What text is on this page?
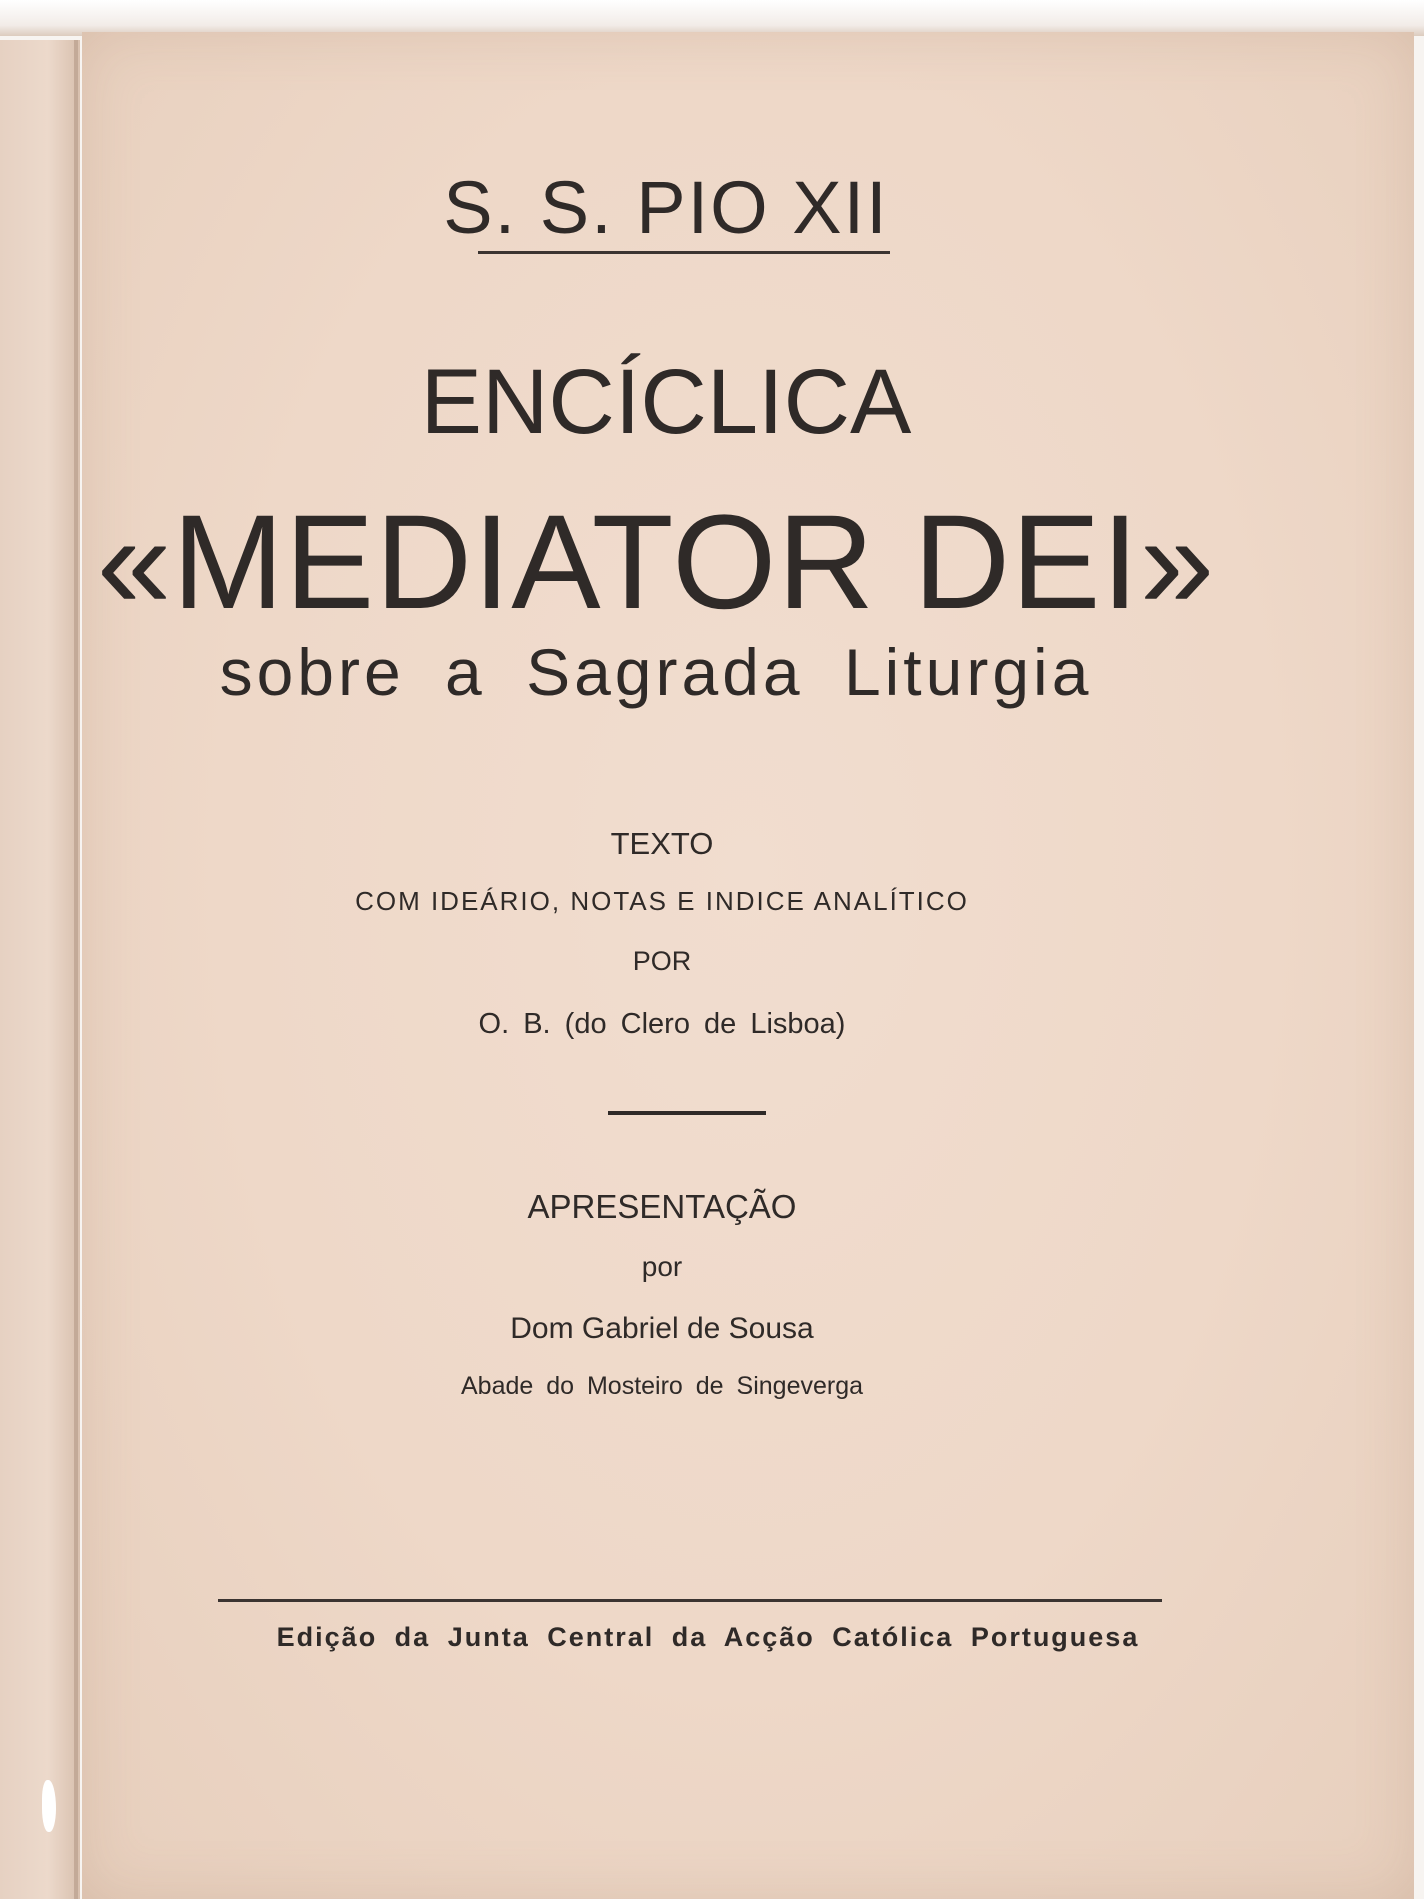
S. S. PIO XII
ENCÍCLICA
«MEDIATOR DEI»
sobre a Sagrada Liturgia
TEXTO
COM IDEÁRIO, NOTAS E INDICE ANALÍTICO
POR
O. B. (do Clero de Lisboa)
APRESENTAÇÃO
por
Dom Gabriel de Sousa
Abade do Mosteiro de Singeverga
Edição da Junta Central da Acção Católica Portuguesa
